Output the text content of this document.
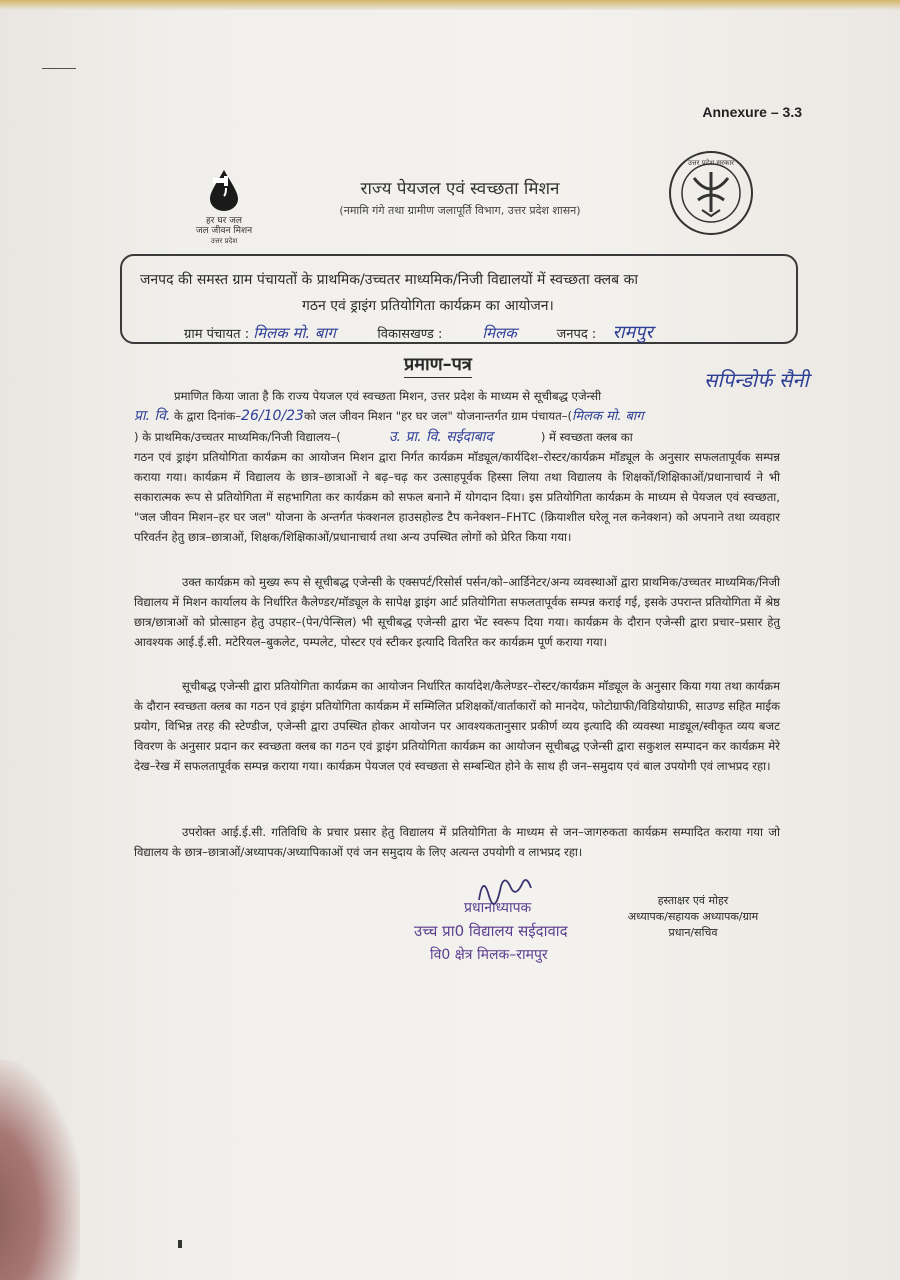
Annexure – 3.3
हर घर जल
जल जीवन मिशन
उत्तर प्रदेश
राज्य पेयजल एवं स्वच्छता मिशन
(नमामि गंगे तथा ग्रामीण जलापूर्ति विभाग, उत्तर प्रदेश शासन)
उत्तर प्रदेश सरकार
जनपद की समस्त ग्राम पंचायतों के प्राथमिक/उच्चतर माध्यमिक/निजी विद्यालयों में स्वच्छता क्लब का
गठन एवं ड्राइंग प्रतियोगिता कार्यक्रम का आयोजन।
ग्राम पंचायत : मिलक मो. बाग	विकासखण्ड :	मिलक	जनपद : रामपुर
प्रमाण–पत्र
सपिन्डोर्फ सैनी
प्रमाणित किया जाता है कि राज्य पेयजल एवं स्वच्छता मिशन, उत्तर प्रदेश के माध्यम से सूचीबद्ध एजेन्सी
प्रा. वि. के द्वारा दिनांक–26/10/23को जल जीवन मिशन "हर घर जल" योजनान्तर्गत ग्राम पंचायत–(मिलक मो. बाग
) के प्राथमिक/उच्चतर माध्यमिक/निजी विद्यालय–(	उ. प्रा. वि. सईदाबाद	) में स्वच्छता क्लब का
गठन एवं ड्राइंग प्रतियोगिता कार्यक्रम का आयोजन मिशन द्वारा निर्गत कार्यक्रम मॉड्यूल/कार्यदिश–रोस्टर/कार्यक्रम मॉड्यूल के अनुसार सफलतापूर्वक सम्पन्न कराया गया। कार्यक्रम में विद्यालय के छात्र–छात्राओं ने बढ़–चढ़ कर उत्साहपूर्वक हिस्सा लिया तथा विद्यालय के शिक्षकों/शिक्षिकाओं/प्रधानाचार्य ने भी सकारात्मक रूप से प्रतियोगिता में सहभागिता कर कार्यक्रम को सफल बनाने में योगदान दिया। इस प्रतियोगिता कार्यक्रम के माध्यम से पेयजल एवं स्वच्छता, "जल जीवन मिशन–हर घर जल" योजना के अन्तर्गत फंक्शनल हाउसहोल्ड टैप कनेक्शन–FHTC (क्रियाशील घरेलू नल कनेक्शन) को अपनाने तथा व्यवहार परिवर्तन हेतु छात्र–छात्राओं, शिक्षक/शिक्षिकाओं/प्रधानाचार्य तथा अन्य उपस्थित लोगों को प्रेरित किया गया।
उक्त कार्यक्रम को मुख्य रूप से सूचीबद्ध एजेन्सी के एक्सपर्ट/रिसोर्स पर्सन/को–आर्डिनेटर/अन्य व्यवस्थाओं द्वारा प्राथमिक/उच्चतर माध्यमिक/निजी विद्यालय में मिशन कार्यालय के निर्धारित कैलेण्डर/मॉड्यूल के सापेक्ष ड्राइंग आर्ट प्रतियोगिता सफलतापूर्वक सम्पन्न कराई गई, इसके उपरान्त प्रतियोगिता में श्रेष्ठ छात्र/छात्राओं को प्रोत्साहन हेतु उपहार–(पेन/पेन्सिल) भी सूचीबद्ध एजेन्सी द्वारा भेंट स्वरूप दिया गया। कार्यक्रम के दौरान एजेन्सी द्वारा प्रचार–प्रसार हेतु आवश्यक आई.ई.सी. मटेरियल–बुकलेट, पम्पलेट, पोस्टर एवं स्टीकर इत्यादि वितरित कर कार्यक्रम पूर्ण कराया गया।
सूचीबद्ध एजेन्सी द्वारा प्रतियोगिता कार्यक्रम का आयोजन निर्धारित कार्यादेश/कैलेण्डर–रोस्टर/कार्यक्रम मॉड्यूल के अनुसार किया गया तथा कार्यक्रम के दौरान स्वच्छता क्लब का गठन एवं ड्राइंग प्रतियोगिता कार्यक्रम में सम्मिलित प्रशिक्षकों/वार्ताकारों को मानदेय, फोटोग्राफी/विडियोग्राफी, साउण्ड सहित माईक प्रयोग, विभिन्न तरह की स्टेण्डीज, एजेन्सी द्वारा उपस्थित होकर आयोजन पर आवश्यकतानुसार प्रकीर्ण व्यय इत्यादि की व्यवस्था माड्यूल/स्वीकृत व्यय बजट विवरण के अनुसार प्रदान कर स्वच्छता क्लब का गठन एवं ड्राइंग प्रतियोगिता कार्यक्रम का आयोजन सूचीबद्ध एजेन्सी द्वारा सकुशल सम्पादन कर कार्यक्रम मेरे देख–रेख में सफलतापूर्वक सम्पन्न कराया गया। कार्यक्रम पेयजल एवं स्वच्छता से सम्बन्धित होने के साथ ही जन–समुदाय एवं बाल उपयोगी एवं लाभप्रद रहा।
उपरोक्त आई.ई.सी. गतिविधि के प्रचार प्रसार हेतु विद्यालय में प्रतियोगिता के माध्यम से जन–जागरुकता कार्यक्रम सम्पादित कराया गया जो विद्यालय के छात्र–छात्राओं/अध्यापक/अध्यापिकाओं एवं जन समुदाय के लिए अत्यन्त उपयोगी व लाभप्रद रहा।
प्रधानाध्यापक
उच्च प्रा0 विद्यालय सईदावाद
वि0 क्षेत्र मिलक–रामपुर
हस्ताक्षर एवं मोहर
अध्यापक/सहायक अध्यापक/ग्राम
प्रधान/सचिव
